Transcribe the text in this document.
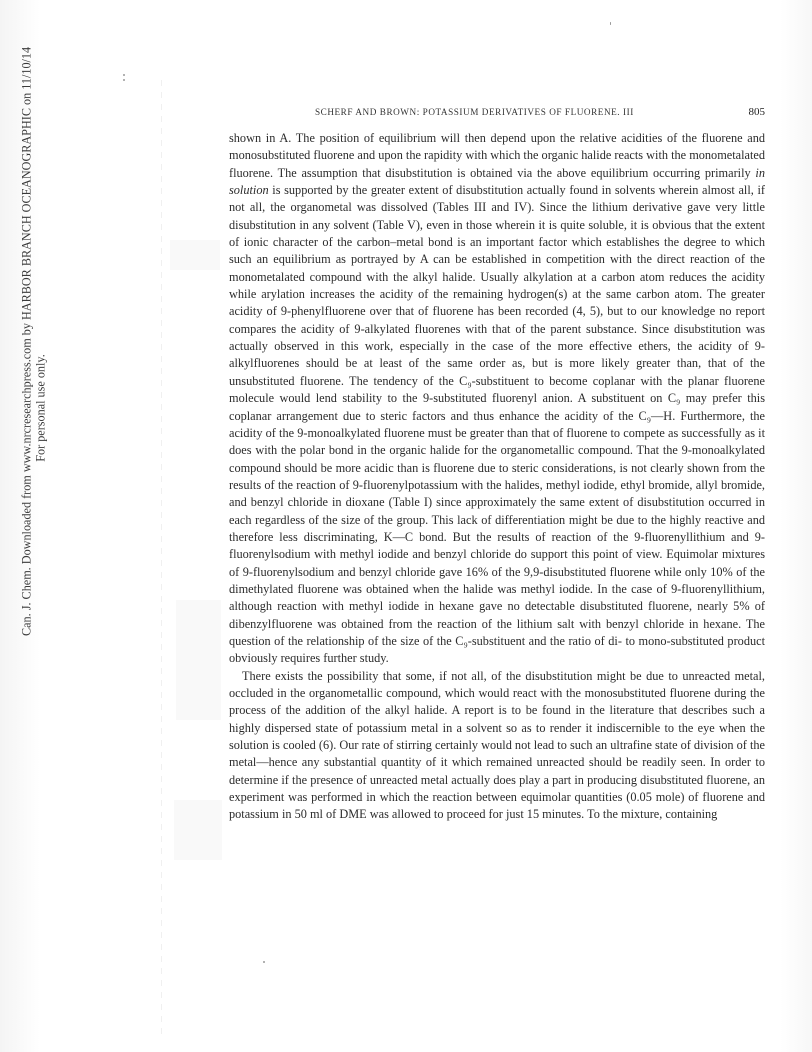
Can. J. Chem. Downloaded from www.nrcresearchpress.com by HARBOR BRANCH OCEANOGRAPHIC on 11/10/14 For personal use only.
SCHERF AND BROWN: POTASSIUM DERIVATIVES OF FLUORENE. III	805

shown in A. The position of equilibrium will then depend upon the relative acidities of the fluorene and monosubstituted fluorene and upon the rapidity with which the organic halide reacts with the monometalated fluorene. The assumption that disubstitution is obtained via the above equilibrium occurring primarily in solution is supported by the greater extent of disubstitution actually found in solvents wherein almost all, if not all, the organometal was dissolved (Tables III and IV). Since the lithium derivative gave very little disubstitution in any solvent (Table V), even in those wherein it is quite soluble, it is obvious that the extent of ionic character of the carbon–metal bond is an important factor which establishes the degree to which such an equilibrium as portrayed by A can be established in competition with the direct reaction of the monometalated compound with the alkyl halide. Usually alkylation at a carbon atom reduces the acidity while arylation increases the acidity of the remaining hydrogen(s) at the same carbon atom. The greater acidity of 9-phenylfluorene over that of fluorene has been recorded (4, 5), but to our knowledge no report compares the acidity of 9-alkylated fluorenes with that of the parent substance. Since disubstitution was actually observed in this work, especially in the case of the more effective ethers, the acidity of 9-alkylfluorenes should be at least of the same order as, but is more likely greater than, that of the unsubstituted fluorene. The tendency of the C₉-substituent to become coplanar with the planar fluorene molecule would lend stability to the 9-substituted fluorenyl anion. A substituent on C₉ may prefer this coplanar arrangement due to steric factors and thus enhance the acidity of the C₉—H. Furthermore, the acidity of the 9-monoalkylated fluorene must be greater than that of fluorene to compete as successfully as it does with the polar bond in the organic halide for the organometallic compound. That the 9-monoalkylated compound should be more acidic than is fluorene due to steric considerations, is not clearly shown from the results of the reaction of 9-fluorenylpotassium with the halides, methyl iodide, ethyl bromide, allyl bromide, and benzyl chloride in dioxane (Table I) since approximately the same extent of disubstitution occurred in each regardless of the size of the group. This lack of differentiation might be due to the highly reactive and therefore less discriminating, K—C bond. But the results of reaction of the 9-fluorenyllithium and 9-fluorenylsodium with methyl iodide and benzyl chloride do support this point of view. Equimolar mixtures of 9-fluorenylsodium and benzyl chloride gave 16% of the 9,9-disubstituted fluorene while only 10% of the dimethylated fluorene was obtained when the halide was methyl iodide. In the case of 9-fluorenyllithium, although reaction with methyl iodide in hexane gave no detectable disubstituted fluorene, nearly 5% of dibenzylfluorene was obtained from the reaction of the lithium salt with benzyl chloride in hexane. The question of the relationship of the size of the C₉-substituent and the ratio of di- to mono-substituted product obviously requires further study.

There exists the possibility that some, if not all, of the disubstitution might be due to unreacted metal, occluded in the organometallic compound, which would react with the monosubstituted fluorene during the process of the addition of the alkyl halide. A report is to be found in the literature that describes such a highly dispersed state of potassium metal in a solvent so as to render it indiscernible to the eye when the solution is cooled (6). Our rate of stirring certainly would not lead to such an ultrafine state of division of the metal—hence any substantial quantity of it which remained unreacted should be readily seen. In order to determine if the presence of unreacted metal actually does play a part in producing disubstituted fluorene, an experiment was performed in which the reaction between equimolar quantities (0.05 mole) of fluorene and potassium in 50 ml of DME was allowed to proceed for just 15 minutes. To the mixture, containing
